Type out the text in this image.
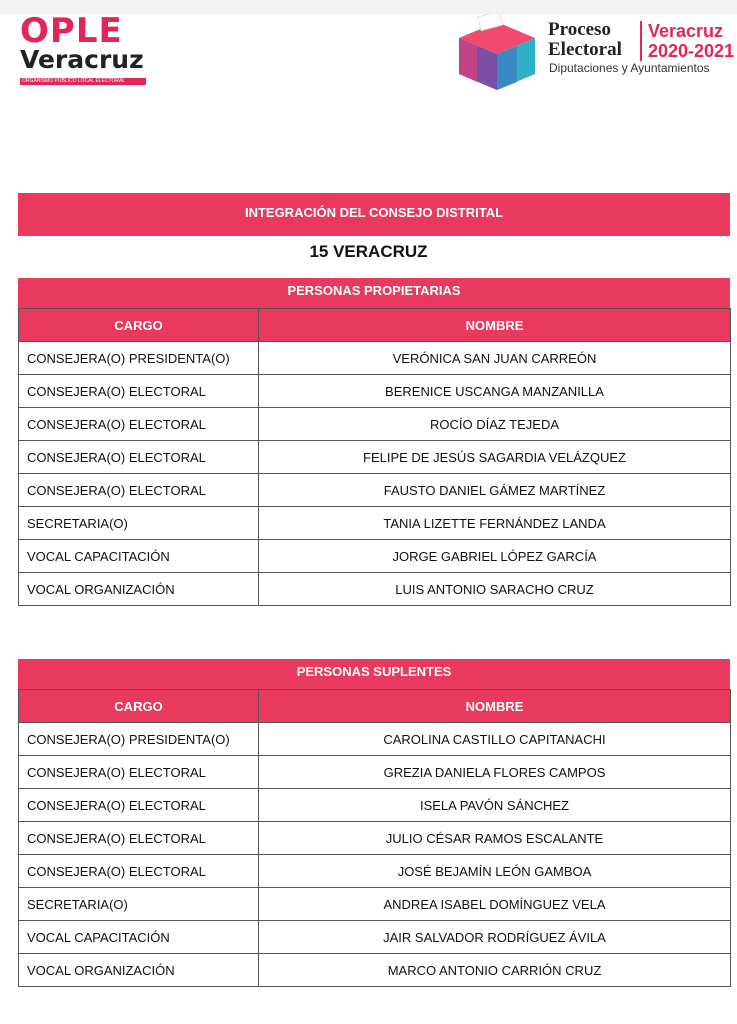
OPLE
Veracruz
ORGANISMO PÚBLICO LOCAL ELECTORAL
Proceso
Electoral
Veracruz
2020-2021
Diputaciones y Ayuntamientos
INTEGRACIÓN DEL CONSEJO DISTRITAL
15 VERACRUZ
PERSONAS PROPIETARIAS
CARGO	NOMBRE
CONSEJERA(O) PRESIDENTA(O)	VERÓNICA SAN JUAN CARREÓN
CONSEJERA(O) ELECTORAL	BERENICE USCANGA MANZANILLA
CONSEJERA(O) ELECTORAL	ROCÍO DÍAZ TEJEDA
CONSEJERA(O) ELECTORAL	FELIPE DE JESÚS SAGARDIA VELÁZQUEZ
CONSEJERA(O) ELECTORAL	FAUSTO DANIEL GÁMEZ MARTÍNEZ
SECRETARIA(O)	TANIA LIZETTE FERNÁNDEZ LANDA
VOCAL CAPACITACIÓN	JORGE GABRIEL LÓPEZ GARCÍA
VOCAL ORGANIZACIÓN	LUIS ANTONIO SARACHO CRUZ
PERSONAS SUPLENTES
CARGO	NOMBRE
CONSEJERA(O) PRESIDENTA(O)	CAROLINA CASTILLO CAPITANACHI
CONSEJERA(O) ELECTORAL	GREZIA DANIELA FLORES CAMPOS
CONSEJERA(O) ELECTORAL	ISELA PAVÓN SÁNCHEZ
CONSEJERA(O) ELECTORAL	JULIO CÉSAR RAMOS ESCALANTE
CONSEJERA(O) ELECTORAL	JOSÉ BEJAMÍN LEÓN GAMBOA
SECRETARIA(O)	ANDREA ISABEL DOMÍNGUEZ VELA
VOCAL CAPACITACIÓN	JAIR SALVADOR RODRÍGUEZ ÁVILA
VOCAL ORGANIZACIÓN	MARCO ANTONIO CARRIÓN CRUZ
